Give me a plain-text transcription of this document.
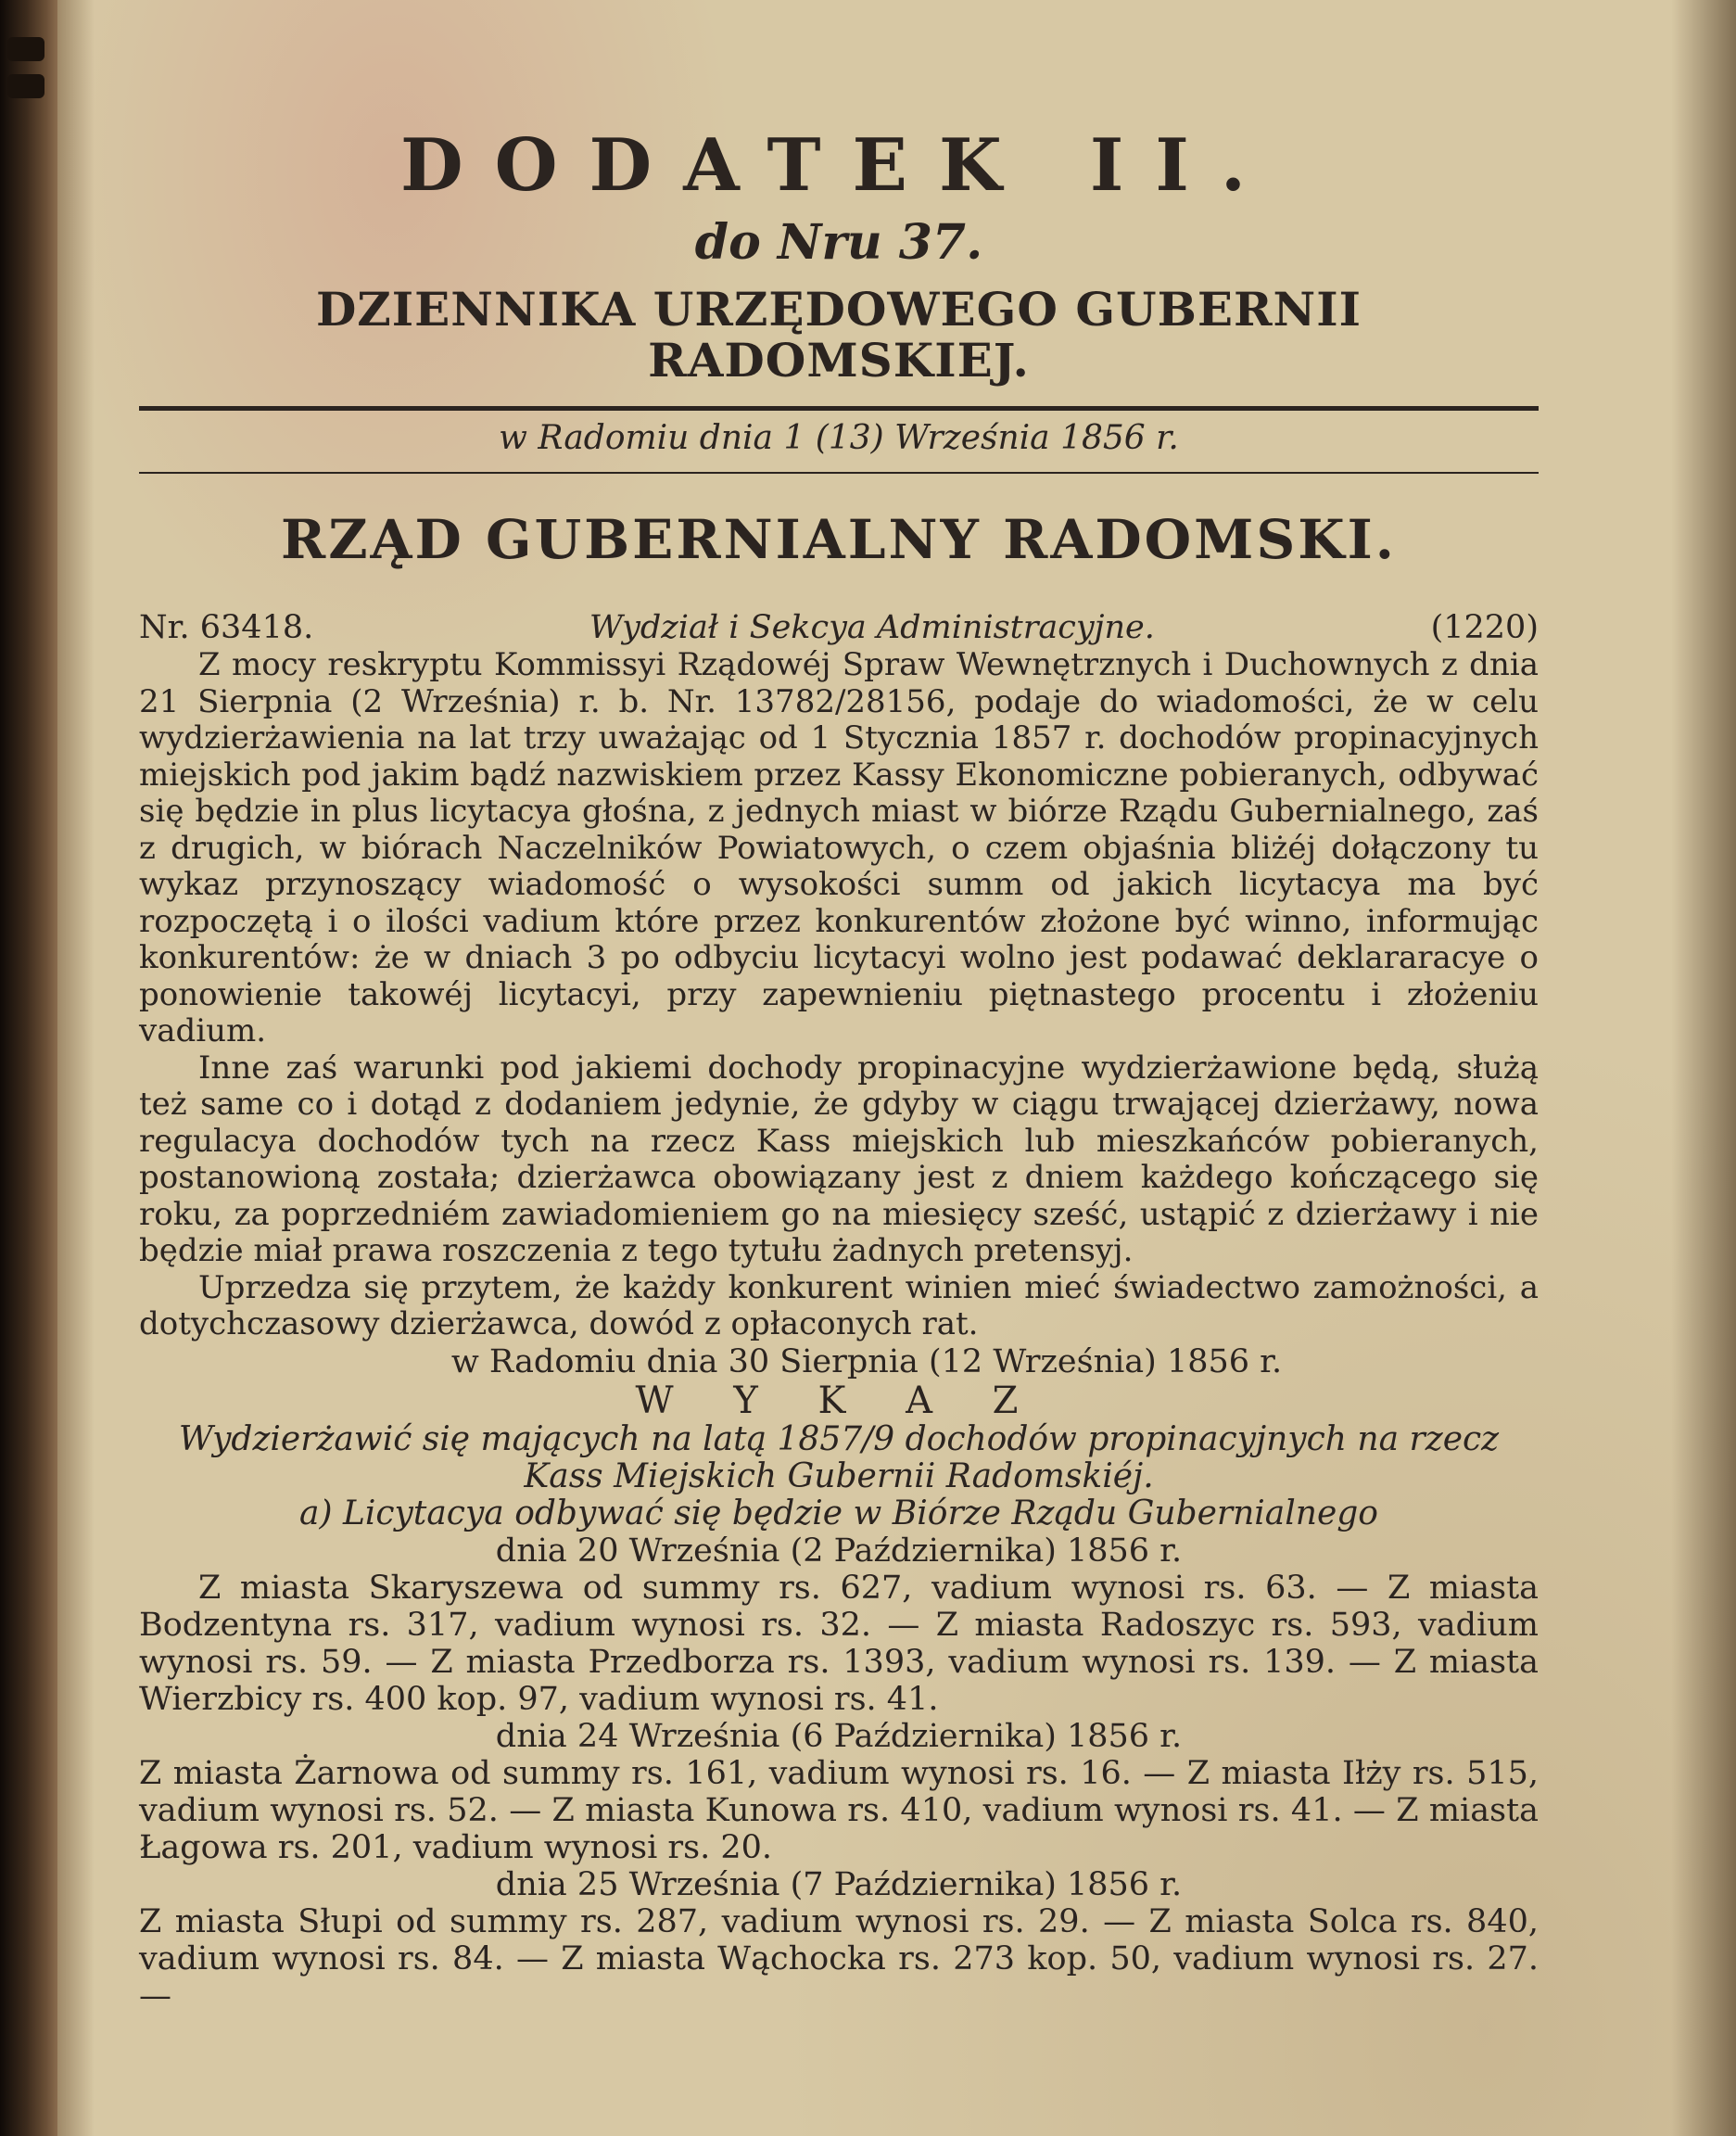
DODATEK II.

do Nru 37.

DZIENNIKA URZĘDOWEGO GUBERNII RADOMSKIEJ.

w Radomiu dnia 1 (13) Września 1856 r.

RZĄD GUBERNIALNY RADOMSKI.

Nr. 63418.	Wydział i Sekcya Administracyjne.	(1220)

Z mocy reskryptu Kommissyi Rządowéj Spraw Wewnętrznych i Duchownych z dnia 21 Sierpnia (2 Września) r. b. Nr. 13782/28156, podaje do wiadomości, że w celu wydzierżawienia na lat trzy uważając od 1 Stycznia 1857 r. dochodów propinacyjnych miejskich pod jakim bądź nazwiskiem przez Kassy Ekonomiczne pobieranych, odbywać się będzie in plus licytacya głośna, z jednych miast w biórze Rządu Gubernialnego, zaś z drugich, w biórach Naczelników Powiatowych, o czem objaśnia bliżéj dołączony tu wykaz przynoszący wiadomość o wysokości summ od jakich licytacya ma być rozpoczętą i o ilości vadium które przez konkurentów złożone być winno, informując konkurentów: że w dniach 3 po odbyciu licytacyi wolno jest podawać deklararacye o ponowienie takowéj licytacyi, przy zapewnieniu piętnastego procentu i złożeniu vadium.

Inne zaś warunki pod jakiemi dochody propinacyjne wydzierżawione będą, służą też same co i dotąd z dodaniem jedynie, że gdyby w ciągu trwającej dzierżawy, nowa regulacya dochodów tych na rzecz Kass miejskich lub mieszkańców pobieranych, postanowioną została; dzierżawca obowiązany jest z dniem każdego kończącego się roku, za poprzedniém zawiadomieniem go na miesięcy sześć, ustąpić z dzierżawy i nie będzie miał prawa roszczenia z tego tytułu żadnych pretensyj.

Uprzedza się przytem, że każdy konkurent winien mieć świadectwo zamożności, a dotychczasowy dzierżawca, dowód z opłaconych rat.

w Radomiu dnia 30 Sierpnia (12 Września) 1856 r.

W Y K A Z

Wydzierżawić się mających na latą 1857/9 dochodów propinacyjnych na rzecz

Kass Miejskich Gubernii Radomskiéj.

a) Licytacya odbywać się będzie w Biórze Rządu Gubernialnego

dnia 20 Września (2 Października) 1856 r.

Z miasta Skaryszewa od summy rs. 627, vadium wynosi rs. 63. — Z miasta Bodzentyna rs. 317, vadium wynosi rs. 32. — Z miasta Radoszyc rs. 593, vadium wynosi rs. 59. — Z miasta Przedborza rs. 1393, vadium wynosi rs. 139. — Z miasta Wierzbicy rs. 400 kop. 97, vadium wynosi rs. 41.

dnia 24 Września (6 Października) 1856 r.

Z miasta Żarnowa od summy rs. 161, vadium wynosi rs. 16. — Z miasta Iłży rs. 515, vadium wynosi rs. 52. — Z miasta Kunowa rs. 410, vadium wynosi rs. 41. — Z miasta Łagowa rs. 201, vadium wynosi rs. 20.

dnia 25 Września (7 Października) 1856 r.

Z miasta Słupi od summy rs. 287, vadium wynosi rs. 29. — Z miasta Solca rs. 840, vadium wynosi rs. 84. — Z miasta Wąchocka rs. 273 kop. 50, vadium wynosi rs. 27. —
